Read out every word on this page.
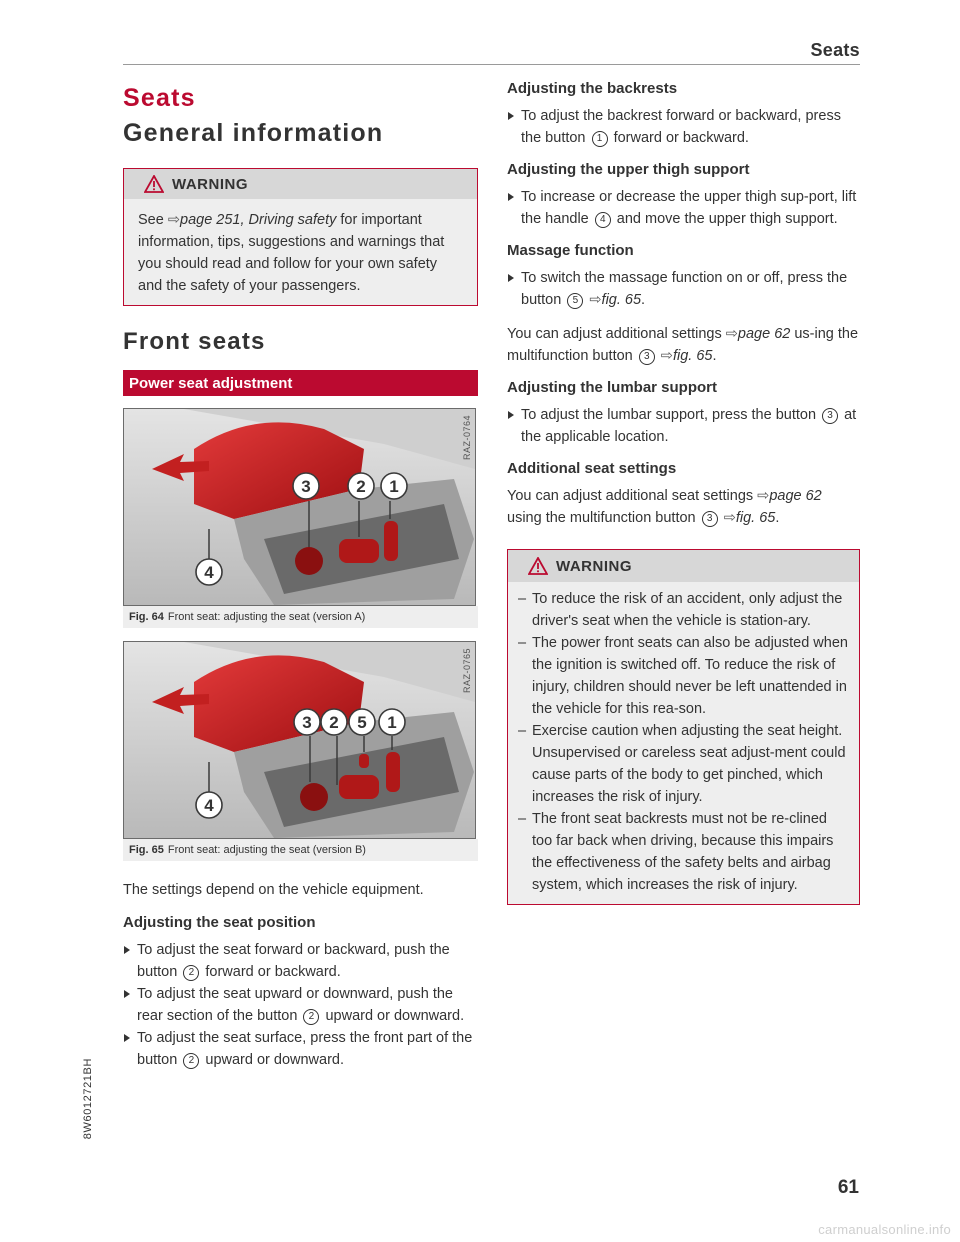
Seats
Seats
General information
WARNING

See ⇨page 251, Driving safety for important information, tips, suggestions and warnings that you should read and follow for your own safety and the safety of your passengers.

Front seats
Power seat adjustment
3	2 1
4
RAZ-0764
Fig. 64 Front seat: adjusting the seat (version A)
3 2 5 1
4
RAZ-0765
Fig. 65 Front seat: adjusting the seat (version B)

The settings depend on the vehicle equipment.

Adjusting the seat position

To adjust the seat forward or backward, push the button 2 forward or backward.

To adjust the seat upward or downward, push the rear section of the button 2 upward or downward.

To adjust the seat surface, press the front part of the button 2 upward or downward.

Adjusting the backrests

To adjust the backrest forward or backward, press the button 1 forward or backward.

Adjusting the upper thigh support

To increase or decrease the upper thigh sup-port, lift the handle 4 and move the upper thigh support.

Massage function

To switch the massage function on or off, press the button 5 ⇨fig. 65.

You can adjust additional settings ⇨page 62 us-ing the multifunction button 3 ⇨fig. 65.

Adjusting the lumbar support

To adjust the lumbar support, press the button 3 at the applicable location.

Additional seat settings

You can adjust additional seat settings ⇨page 62 using the multifunction button 3 ⇨fig. 65.

WARNING
– To reduce the risk of an accident, only adjust the driver's seat when the vehicle is station-ary.
– The power front seats can also be adjusted when the ignition is switched off. To reduce the risk of injury, children should never be left unattended in the vehicle for this rea-son.
– Exercise caution when adjusting the seat height. Unsupervised or careless seat adjust-ment could cause parts of the body to get pinched, which increases the risk of injury.
– The front seat backrests must not be re-clined too far back when driving, because this impairs the effectiveness of the safety belts and airbag system, which increases the risk of injury.
8W6012721BH
61
carmanualsonline.info
